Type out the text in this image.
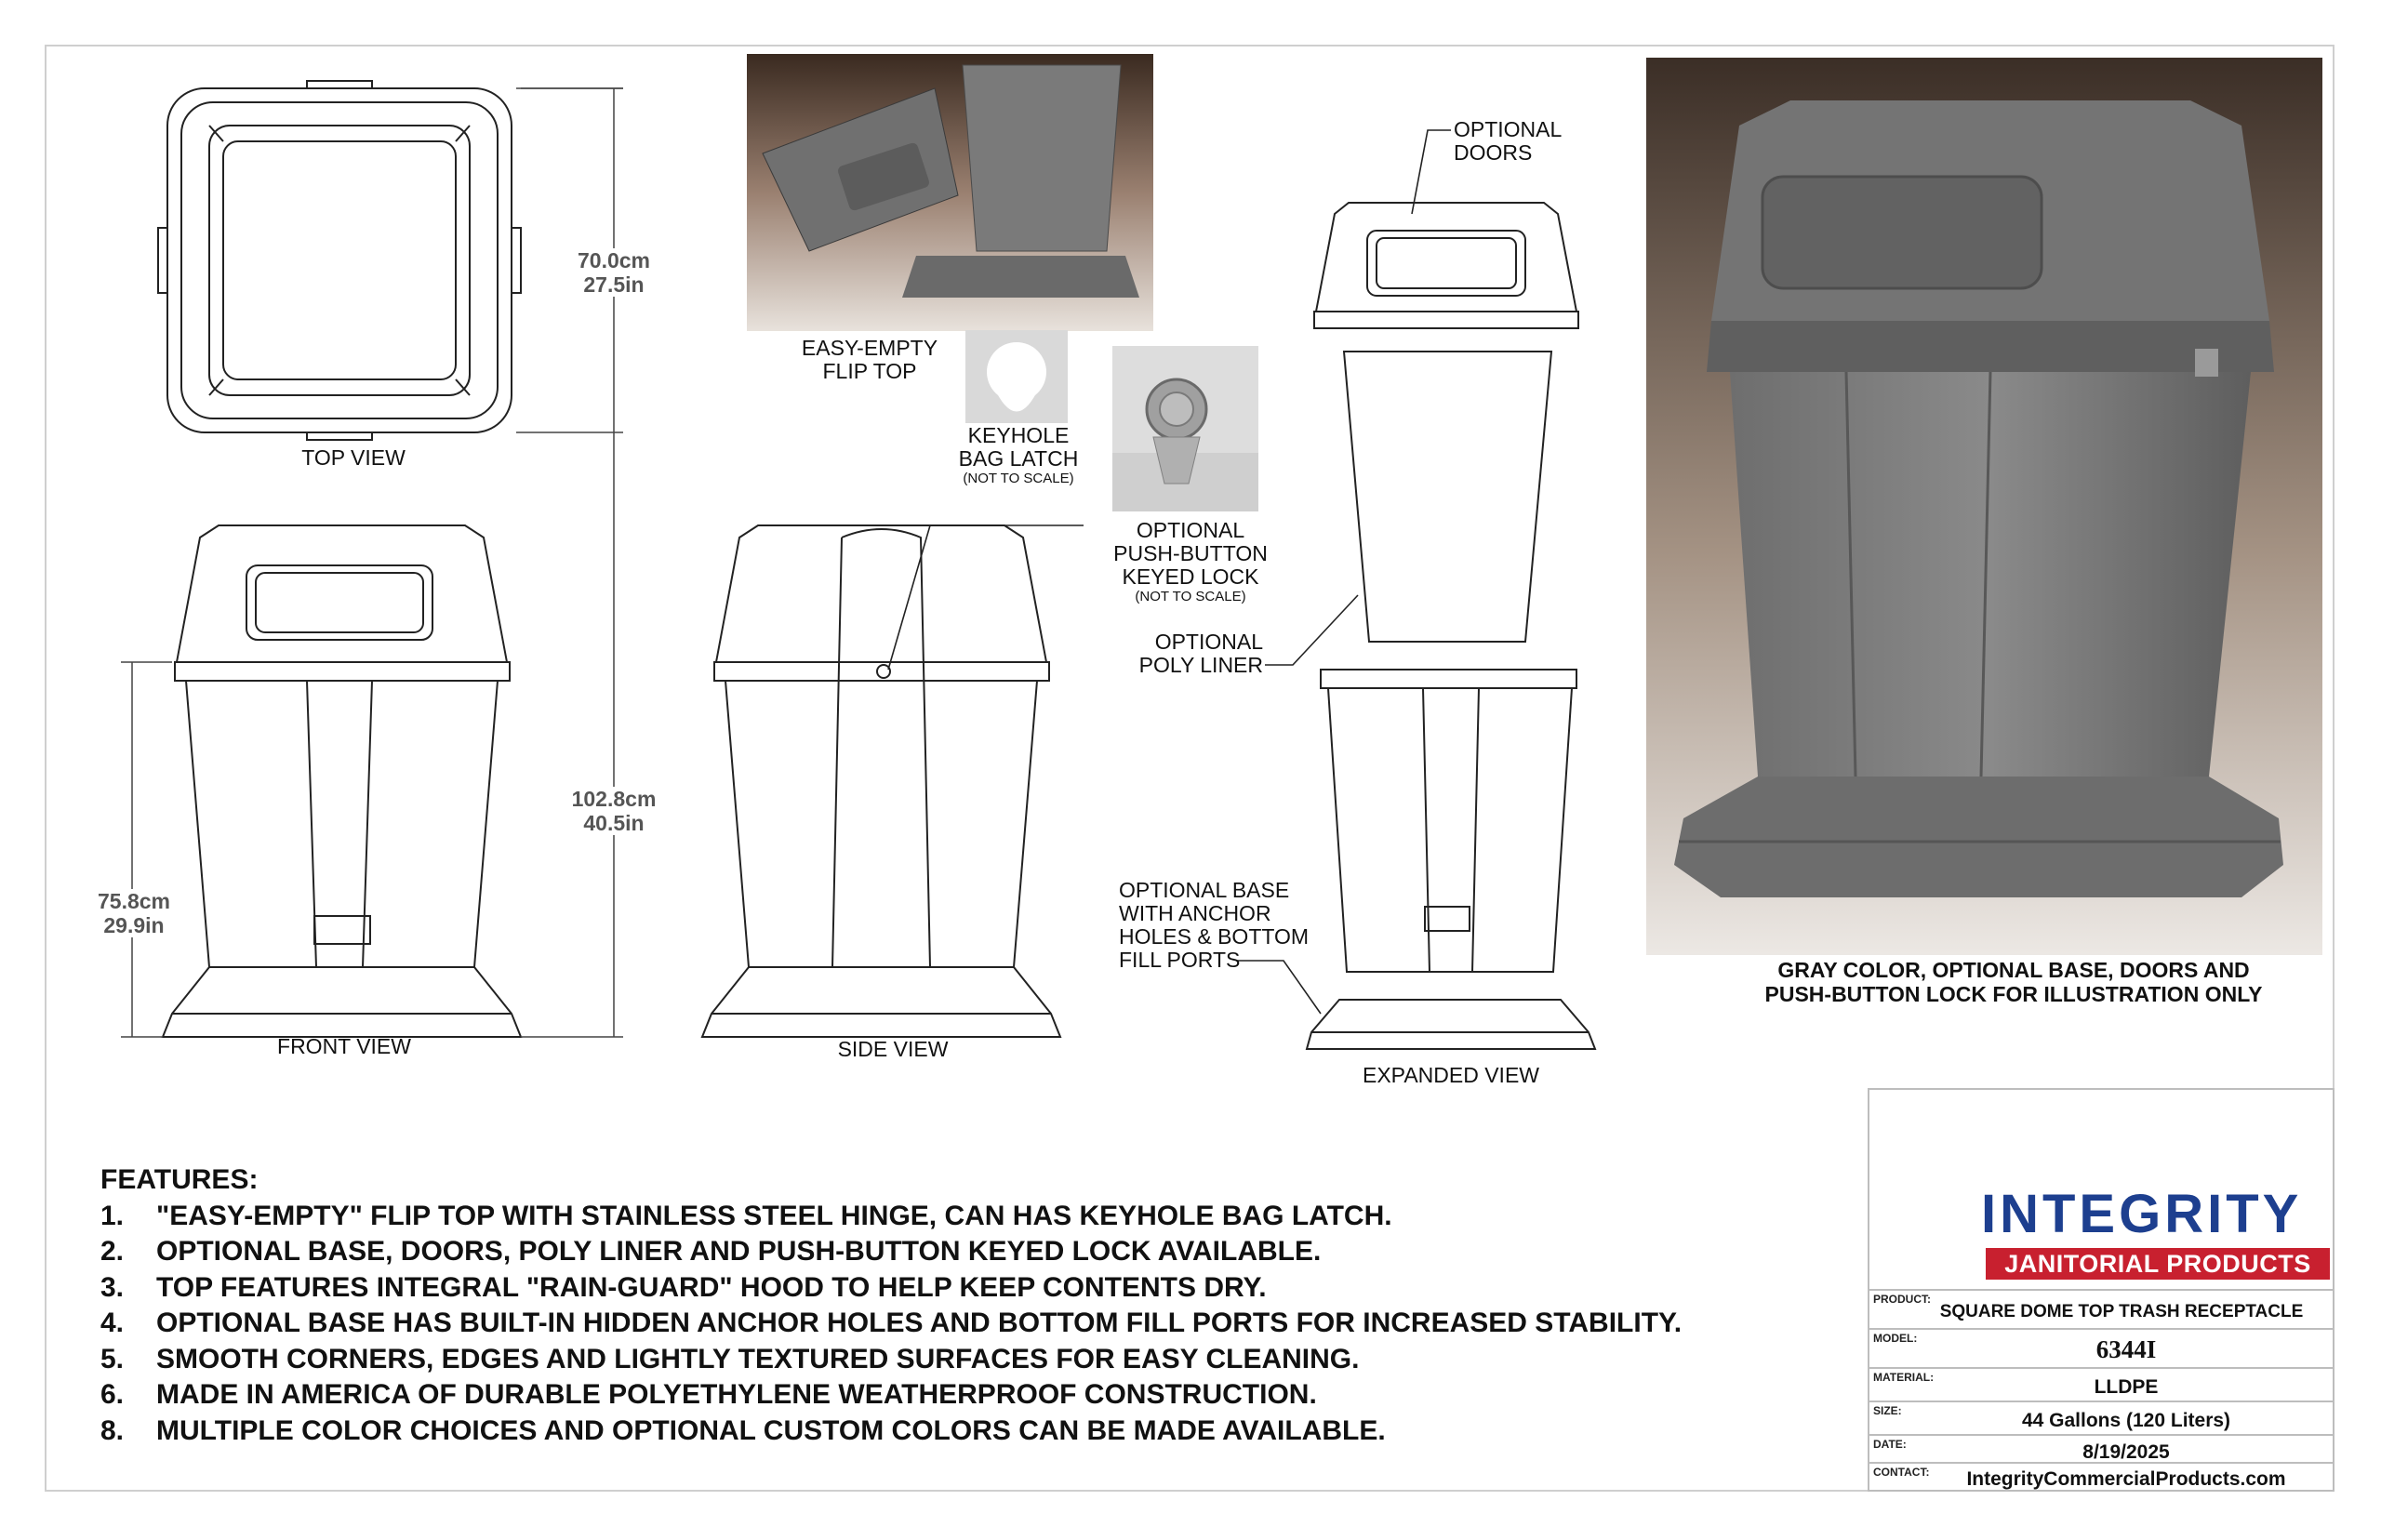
TOP VIEW
FRONT VIEW	SIDE VIEW
EXPANDED VIEW
70.0cm
27.5in
102.8cm
40.5in
75.8cm
29.9in
EASY-EMPTY
FLIP TOP
KEYHOLE
BAG LATCH
(NOT TO SCALE)
OPTIONAL
PUSH-BUTTON
KEYED LOCK
(NOT TO SCALE)
OPTIONAL
DOORS
OPTIONAL
POLY LINER
OPTIONAL BASE
WITH ANCHOR
HOLES & BOTTOM
FILL PORTS	GRAY COLOR, OPTIONAL BASE, DOORS AND
PUSH-BUTTON LOCK FOR ILLUSTRATION ONLY
FEATURES:
1. "EASY-EMPTY" FLIP TOP WITH STAINLESS STEEL HINGE, CAN HAS KEYHOLE BAG LATCH.
2. OPTIONAL BASE, DOORS, POLY LINER AND PUSH-BUTTON KEYED LOCK AVAILABLE.
3. TOP FEATURES INTEGRAL "RAIN-GUARD" HOOD TO HELP KEEP CONTENTS DRY.
4. OPTIONAL BASE HAS BUILT-IN HIDDEN ANCHOR HOLES AND BOTTOM FILL PORTS FOR INCREASED STABILITY.
5. SMOOTH CORNERS, EDGES AND LIGHTLY TEXTURED SURFACES FOR EASY CLEANING.
6. MADE IN AMERICA OF DURABLE POLYETHYLENE WEATHERPROOF CONSTRUCTION.
8. MULTIPLE COLOR CHOICES AND OPTIONAL CUSTOM COLORS CAN BE MADE AVAILABLE.
INTEGRITY
JANITORIAL PRODUCTS
PRODUCT:
SQUARE DOME TOP TRASH RECEPTACLE
MODEL:	6344I
MATERIAL:	LLDPE
SIZE:	44 Gallons (120 Liters)
DATE:	8/19/2025
CONTACT:	IntegrityCommercialProducts.com
